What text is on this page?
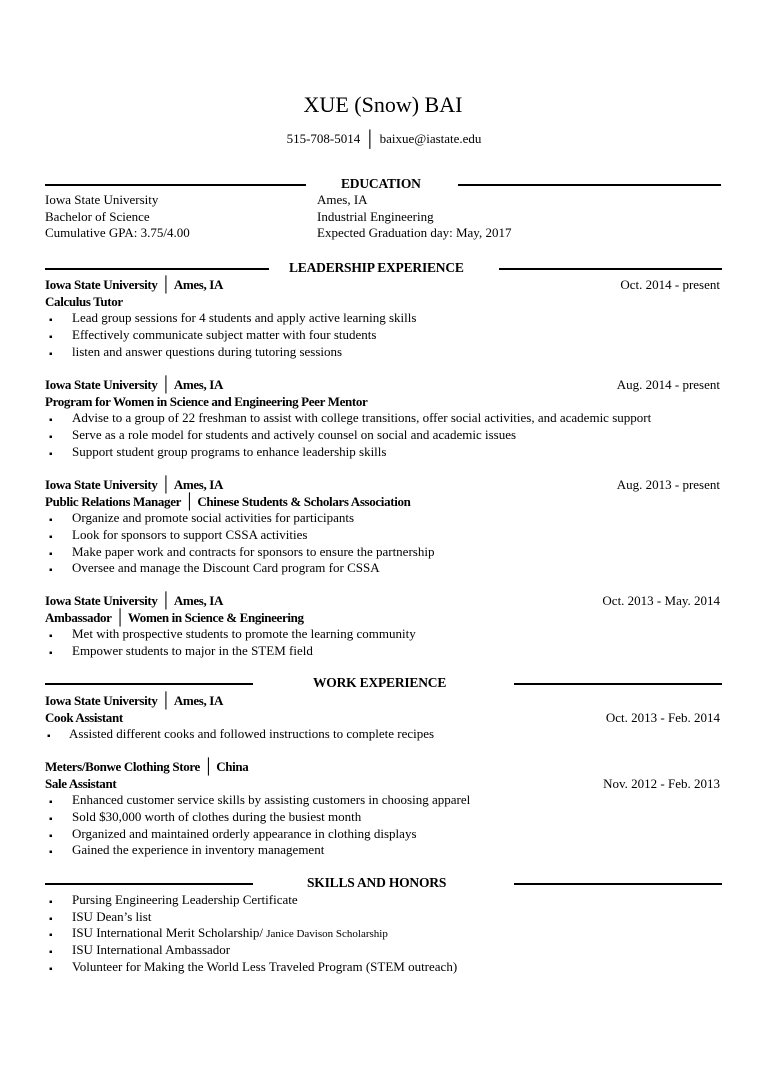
XUE (Snow) BAI
515-708-5014 │ baixue@iastate.edu
EDUCATION
Iowa State University	Ames, IA
Bachelor of Science	Industrial Engineering
Cumulative GPA: 3.75/4.00	Expected Graduation day: May, 2017
LEADERSHIP EXPERIENCE
Iowa State University │ Ames, IA	Oct. 2014 - present
Calculus Tutor
▪ Lead group sessions for 4 students and apply active learning skills
▪ Effectively communicate subject matter with four students
▪ listen and answer questions during tutoring sessions
Iowa State University │ Ames, IA	Aug. 2014 - present
Program for Women in Science and Engineering Peer Mentor
▪ Advise to a group of 22 freshman to assist with college transitions, offer social activities, and academic support
▪ Serve as a role model for students and actively counsel on social and academic issues
▪ Support student group programs to enhance leadership skills
Iowa State University │ Ames, IA	Aug. 2013 - present
Public Relations Manager │ Chinese Students & Scholars Association
▪ Organize and promote social activities for participants
▪ Look for sponsors to support CSSA activities
▪ Make paper work and contracts for sponsors to ensure the partnership
▪ Oversee and manage the Discount Card program for CSSA
Iowa State University │ Ames, IA	Oct. 2013 - May. 2014
Ambassador │ Women in Science & Engineering
▪ Met with prospective students to promote the learning community
▪ Empower students to major in the STEM field
WORK EXPERIENCE
Iowa State University │ Ames, IA
Cook Assistant	Oct. 2013 - Feb. 2014
▪ Assisted different cooks and followed instructions to complete recipes
Meters/Bonwe Clothing Store │ China
Sale Assistant	Nov. 2012 - Feb. 2013
▪ Enhanced customer service skills by assisting customers in choosing apparel
▪ Sold $30,000 worth of clothes during the busiest month
▪ Organized and maintained orderly appearance in clothing displays
▪ Gained the experience in inventory management
SKILLS AND HONORS
▪ Pursing Engineering Leadership Certificate
▪ ISU Dean’s list
▪ ISU International Merit Scholarship/ Janice Davison Scholarship
▪ ISU International Ambassador
▪ Volunteer for Making the World Less Traveled Program (STEM outreach)
